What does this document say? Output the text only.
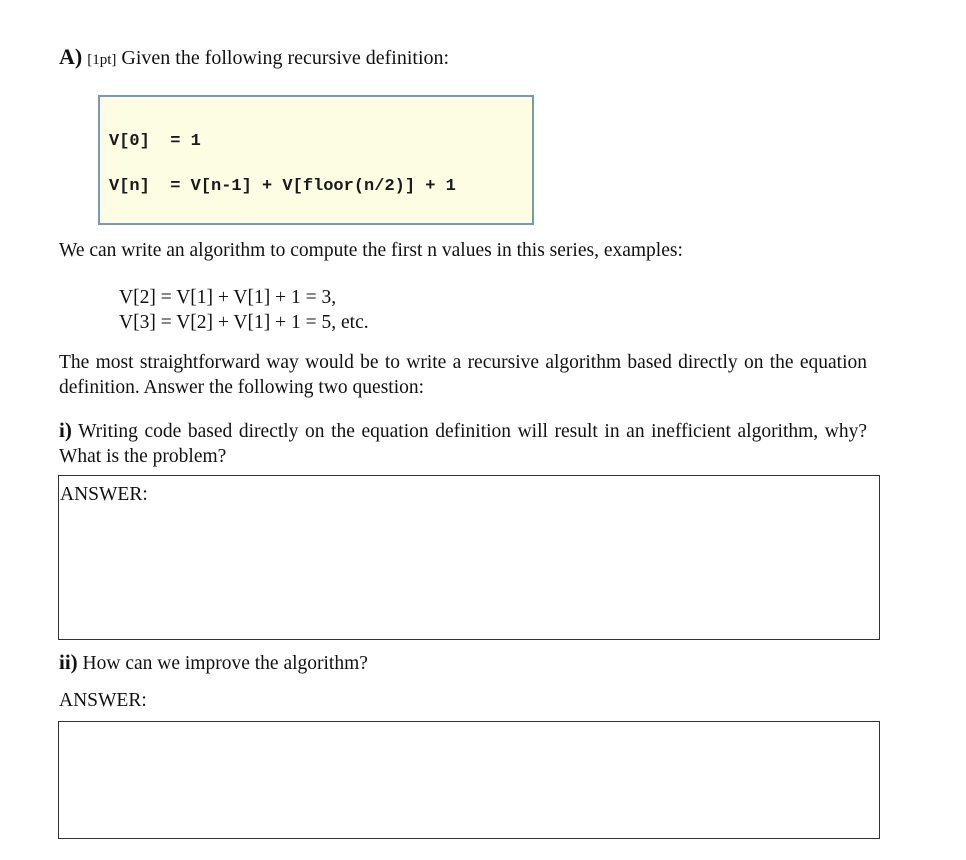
A) [1pt] Given the following recursive definition:
V[0]  = 1
V[n]  = V[n-1] + V[floor(n/2)] + 1
We can write an algorithm to compute the first n values in this series, examples:
V[2] = V[1] + V[1] + 1 = 3,
V[3] = V[2] + V[1] + 1 = 5, etc.
The most straightforward way would be to write a recursive algorithm based directly on the equation definition. Answer the following two question:
i) Writing code based directly on the equation definition will result in an inefficient algorithm, why? What is the problem?
ANSWER:
ii) How can we improve the algorithm?
ANSWER:
